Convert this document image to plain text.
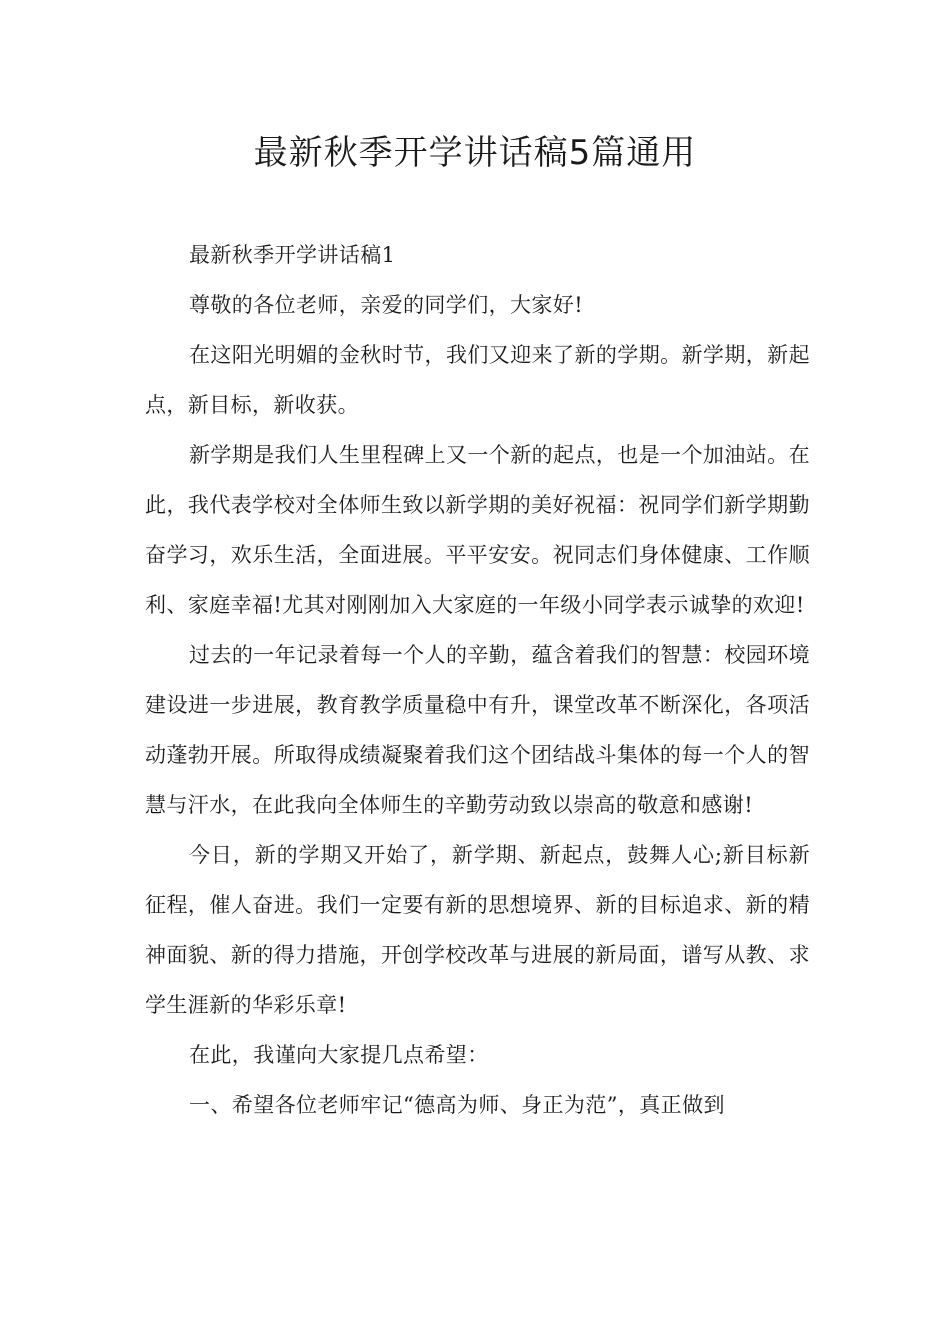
最新秋季开学讲话稿5篇通用

最新秋季开学讲话稿1

尊敬的各位老师，亲爱的同学们，大家好!

在这阳光明媚的金秋时节，我们又迎来了新的学期。新学期，新起点，新目标，新收获。

新学期是我们人生里程碑上又一个新的起点，也是一个加油站。在此，我代表学校对全体师生致以新学期的美好祝福：祝同学们新学期勤奋学习，欢乐生活，全面进展。平平安安。祝同志们身体健康、工作顺利、家庭幸福!尤其对刚刚加入大家庭的一年级小同学表示诚挚的欢迎!

过去的一年记录着每一个人的辛勤，蕴含着我们的智慧：校园环境建设进一步进展，教育教学质量稳中有升，课堂改革不断深化，各项活动蓬勃开展。所取得成绩凝聚着我们这个团结战斗集体的每一个人的智慧与汗水，在此我向全体师生的辛勤劳动致以崇高的敬意和感谢!

今日，新的学期又开始了，新学期、新起点，鼓舞人心;新目标新征程，催人奋进。我们一定要有新的思想境界、新的目标追求、新的精神面貌、新的得力措施，开创学校改革与进展的新局面，谱写从教、求学生涯新的华彩乐章!

在此，我谨向大家提几点希望：

一、希望各位老师牢记“德高为师、身正为范”，真正做到
